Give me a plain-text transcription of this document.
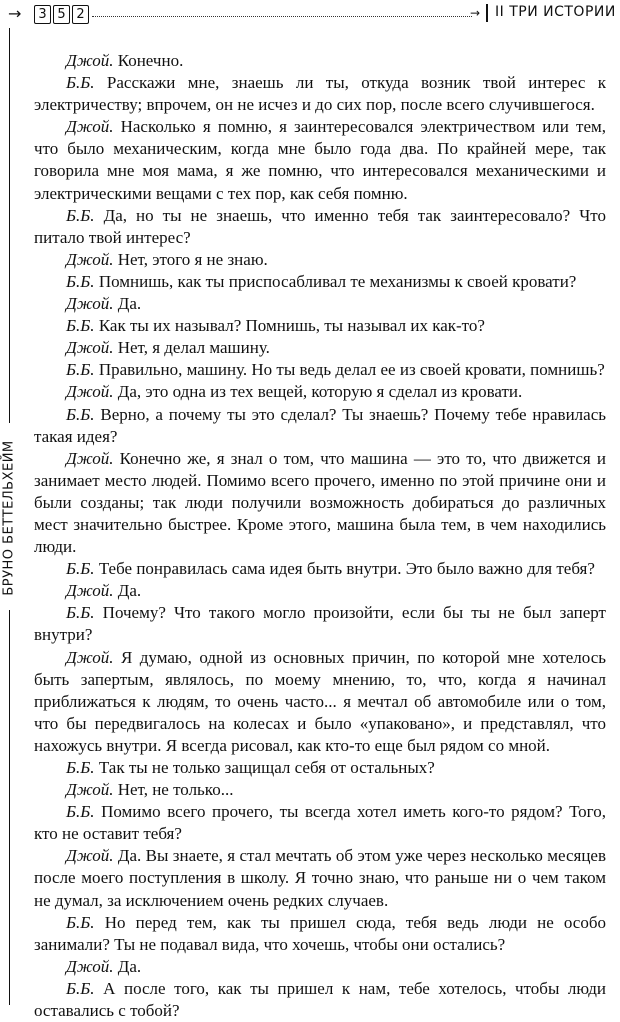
→	3 5 2	→ II ТРИ ИСТОРИИ
БРУНО БЕТТЕЛЬХЕЙМ

Джой. Конечно.

Б.Б. Расскажи мне, знаешь ли ты, откуда возник твой интерес к электричеству; впрочем, он не исчез и до сих пор, после всего случившегося.

Джой. Насколько я помню, я заинтересовался электричеством или тем, что было механическим, когда мне было года два. По крайней мере, так говорила мне моя мама, я же помню, что интересовался механическими и электрическими вещами с тех пор, как себя помню.

Б.Б. Да, но ты не знаешь, что именно тебя так заинтересовало? Что питало твой интерес?

Джой. Нет, этого я не знаю.

Б.Б. Помнишь, как ты приспосабливал те механизмы к своей кровати?

Джой. Да.

Б.Б. Как ты их называл? Помнишь, ты называл их как-то?

Джой. Нет, я делал машину.

Б.Б. Правильно, машину. Но ты ведь делал ее из своей кровати, помнишь?

Джой. Да, это одна из тех вещей, которую я сделал из кровати.

Б.Б. Верно, а почему ты это сделал? Ты знаешь? Почему тебе нравилась такая идея?

Джой. Конечно же, я знал о том, что машина — это то, что движется и занимает место людей. Помимо всего прочего, именно по этой причине они и были созданы; так люди получили возможность добираться до различных мест значительно быстрее. Кроме этого, машина была тем, в чем находились люди.

Б.Б. Тебе понравилась сама идея быть внутри. Это было важно для тебя?

Джой. Да.

Б.Б. Почему? Что такого могло произойти, если бы ты не был заперт внутри?

Джой. Я думаю, одной из основных причин, по которой мне хотелось быть запертым, являлось, по моему мнению, то, что, когда я начинал приближаться к людям, то очень часто... я мечтал об автомобиле или о том, что бы передвигалось на колесах и было «упаковано», и представлял, что нахожусь внутри. Я всегда рисовал, как кто-то еще был рядом со мной.

Б.Б. Так ты не только защищал себя от остальных?

Джой. Нет, не только...

Б.Б. Помимо всего прочего, ты всегда хотел иметь кого-то рядом? Того, кто не оставит тебя?

Джой. Да. Вы знаете, я стал мечтать об этом уже через несколько месяцев после моего поступления в школу. Я точно знаю, что раньше ни о чем таком не думал, за исключением очень редких случаев.

Б.Б. Но перед тем, как ты пришел сюда, тебя ведь люди не особо занимали? Ты не подавал вида, что хочешь, чтобы они остались?

Джой. Да.

Б.Б. А после того, как ты пришел к нам, тебе хотелось, чтобы люди оставались с тобой?
